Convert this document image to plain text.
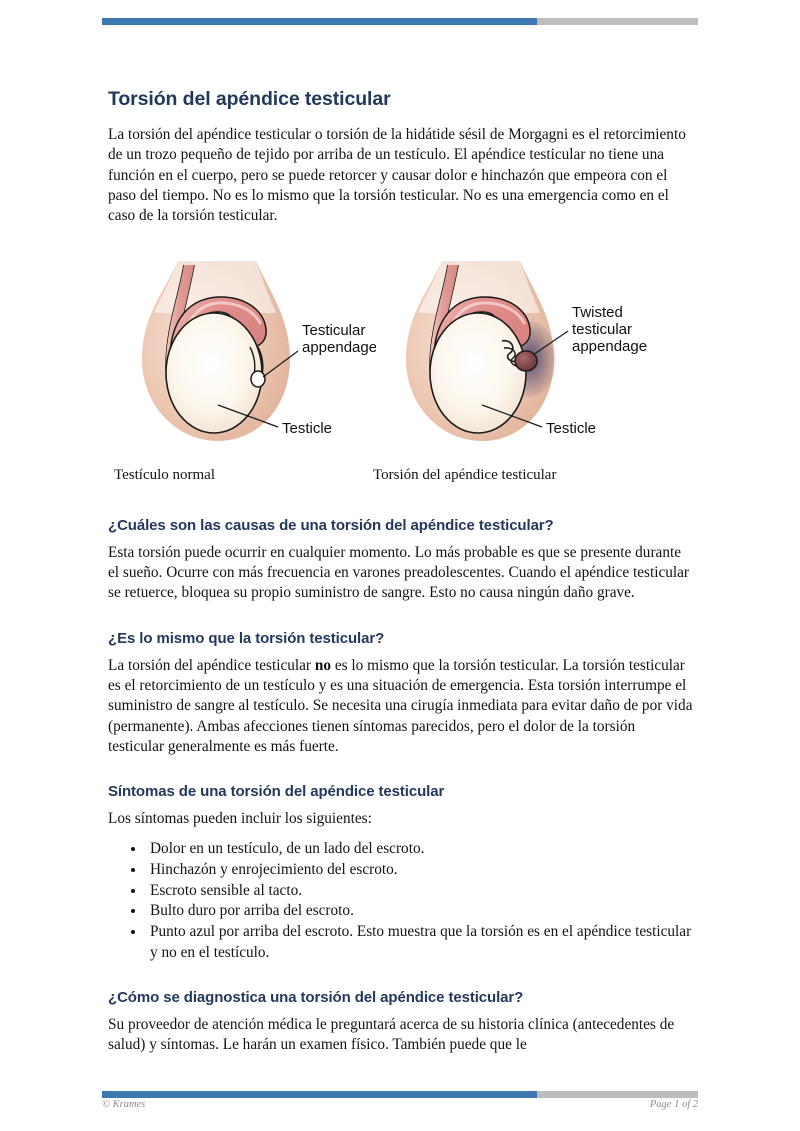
Torsión del apéndice testicular

La torsión del apéndice testicular o torsión de la hidátide sésil de Morgagni es el retorcimiento de un trozo pequeño de tejido por arriba de un testículo. El apéndice testicular no tiene una función en el cuerpo, pero se puede retorcer y causar dolor e hinchazón que empeora con el paso del tiempo. No es lo mismo que la torsión testicular. No es una emergencia como en el caso de la torsión testicular.

Testicular
appendage
Testicle
Twisted
testicular
appendage
Testicle
Testículo normal	Torsión del apéndice testicular
¿Cuáles son las causas de una torsión del apéndice testicular?

Esta torsión puede ocurrir en cualquier momento. Lo más probable es que se presente durante el sueño. Ocurre con más frecuencia en varones preadolescentes. Cuando el apéndice testicular se retuerce, bloquea su propio suministro de sangre. Esto no causa ningún daño grave.

¿Es lo mismo que la torsión testicular?

La torsión del apéndice testicular no es lo mismo que la torsión testicular. La torsión testicular es el retorcimiento de un testículo y es una situación de emergencia. Esta torsión interrumpe el suministro de sangre al testículo. Se necesita una cirugía inmediata para evitar daño de por vida (permanente). Ambas afecciones tienen síntomas parecidos, pero el dolor de la torsión testicular generalmente es más fuerte.

Síntomas de una torsión del apéndice testicular

Los síntomas pueden incluir los siguientes:

• Dolor en un testículo, de un lado del escroto.
• Hinchazón y enrojecimiento del escroto.
• Escroto sensible al tacto.
• Bulto duro por arriba del escroto.
• Punto azul por arriba del escroto. Esto muestra que la torsión es en el apéndice testicular y no en el testículo.
¿Cómo se diagnostica una torsión del apéndice testicular?

Su proveedor de atención médica le preguntará acerca de su historia clínica (antecedentes de salud) y síntomas. Le harán un examen físico. También puede que le

© Krames	Page 1 of 2
